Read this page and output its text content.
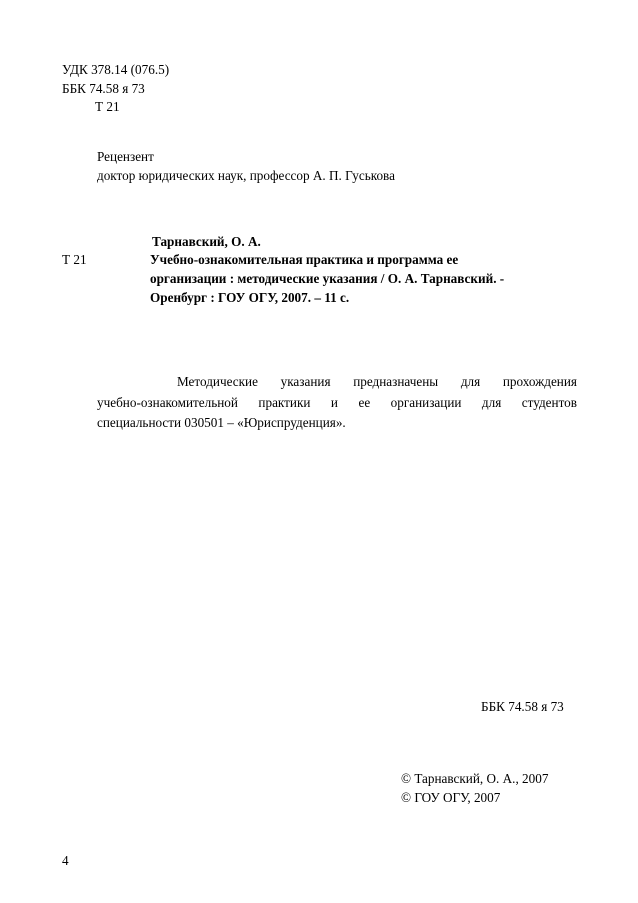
УДК 378.14 (076.5)
ББК 74.58 я 73
Т 21
Рецензент
доктор юридических наук, профессор А. П. Гуськова
Тарнавский, О. А.
Т 21	Учебно-ознакомительная практика и программа ее
организации : методические указания / О. А. Тарнавский. -
Оренбург : ГОУ ОГУ, 2007. – 11 с.
Методические указания предназначены для прохождения
учебно-ознакомительной практики и ее организации для студентов
специальности 030501 – «Юриспруденция».
ББК 74.58 я 73
© Тарнавский, О. А., 2007
© ГОУ ОГУ, 2007
4
